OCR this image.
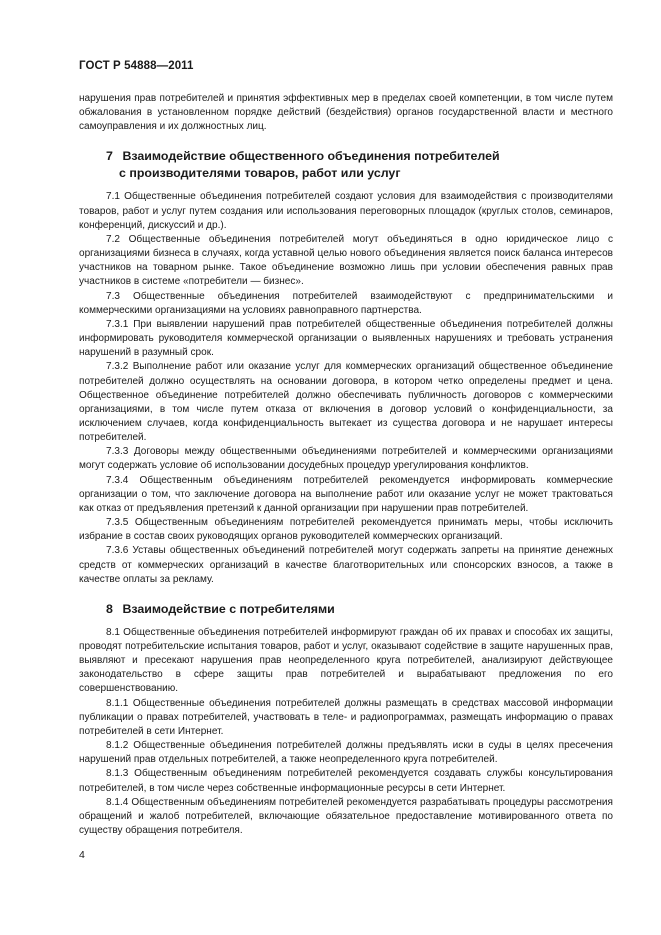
ГОСТ Р 54888—2011

нарушения прав потребителей и принятия эффективных мер в пределах своей компетенции, в том числе путем обжалования в установленном порядке действий (бездействия) органов государственной власти и местного самоуправления и их должностных лиц.

7 Взаимодействие общественного объединения потребителей
с производителями товаров, работ или услуг

7.1 Общественные объединения потребителей создают условия для взаимодействия с производителями товаров, работ и услуг путем создания или использования переговорных площадок (круглых столов, семинаров, конференций, дискуссий и др.).

7.2 Общественные объединения потребителей могут объединяться в одно юридическое лицо с организациями бизнеса в случаях, когда уставной целью нового объединения является поиск баланса интересов участников на товарном рынке. Такое объединение возможно лишь при условии обеспечения равных прав участников в системе «потребители — бизнес».

7.3 Общественные объединения потребителей взаимодействуют с предпринимательскими и коммерческими организациями на условиях равноправного партнерства.

7.3.1 При выявлении нарушений прав потребителей общественные объединения потребителей должны информировать руководителя коммерческой организации о выявленных нарушениях и требовать устранения нарушений в разумный срок.

7.3.2 Выполнение работ или оказание услуг для коммерческих организаций общественное объединение потребителей должно осуществлять на основании договора, в котором четко определены предмет и цена. Общественное объединение потребителей должно обеспечивать публичность договоров с коммерческими организациями, в том числе путем отказа от включения в договор условий о конфиденциальности, за исключением случаев, когда конфиденциальность вытекает из существа договора и не нарушает интересы потребителей.

7.3.3 Договоры между общественными объединениями потребителей и коммерческими организациями могут содержать условие об использовании досудебных процедур урегулирования конфликтов.

7.3.4 Общественным объединениям потребителей рекомендуется информировать коммерческие организации о том, что заключение договора на выполнение работ или оказание услуг не может трактоваться как отказ от предъявления претензий к данной организации при нарушении прав потребителей.

7.3.5 Общественным объединениям потребителей рекомендуется принимать меры, чтобы исключить избрание в состав своих руководящих органов руководителей коммерческих организаций.

7.3.6 Уставы общественных объединений потребителей могут содержать запреты на принятие денежных средств от коммерческих организаций в качестве благотворительных или спонсорских взносов, а также в качестве оплаты за рекламу.

8 Взаимодействие с потребителями

8.1 Общественные объединения потребителей информируют граждан об их правах и способах их защиты, проводят потребительские испытания товаров, работ и услуг, оказывают содействие в защите нарушенных прав, выявляют и пресекают нарушения прав неопределенного круга потребителей, анализируют действующее законодательство в сфере защиты прав потребителей и вырабатывают предложения по его совершенствованию.

8.1.1 Общественные объединения потребителей должны размещать в средствах массовой информации публикации о правах потребителей, участвовать в теле- и радиопрограммах, размещать информацию о правах потребителей в сети Интернет.

8.1.2 Общественные объединения потребителей должны предъявлять иски в суды в целях пресечения нарушений прав отдельных потребителей, а также неопределенного круга потребителей.

8.1.3 Общественным объединениям потребителей рекомендуется создавать службы консультирования потребителей, в том числе через собственные информационные ресурсы в сети Интернет.

8.1.4 Общественным объединениям потребителей рекомендуется разрабатывать процедуры рассмотрения обращений и жалоб потребителей, включающие обязательное предоставление мотивированного ответа по существу обращения потребителя.

4
